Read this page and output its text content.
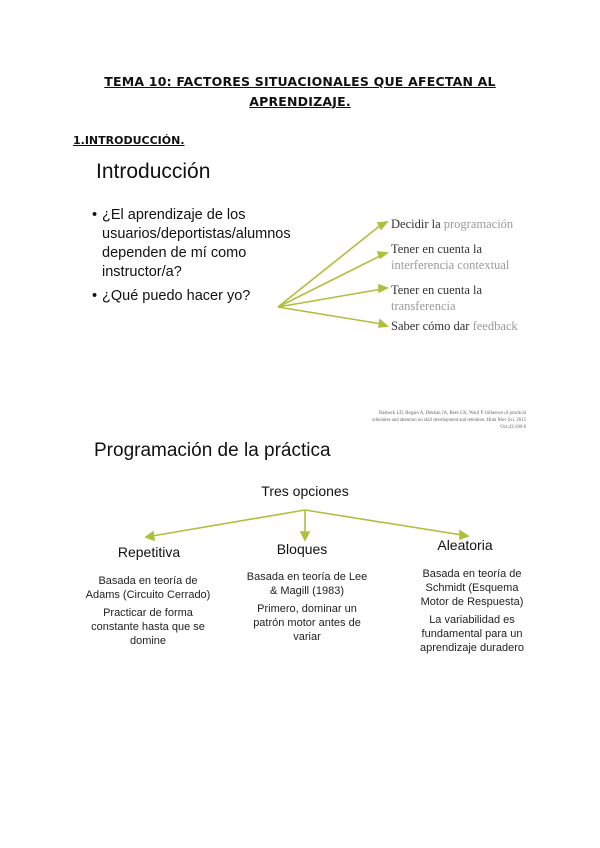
TEMA 10: FACTORES SITUACIONALES QUE AFECTAN AL
APRENDIZAJE.
1.INTRODUCCIÓN.
Introducción
• ¿El aprendizaje de los usuarios/deportistas/alumnos dependen de mí como instructor/a?
• ¿Qué puedo hacer yo?
Decidir la programación
Tener en cuenta la
interferencia contextual
Tener en cuenta la
transferencia
Saber cómo dar feedback
Rasbeck LD, Regain A, Dekkan JA, Rees CK, Ward P. Influence of practical schedules and attention on skill development and retention. Hum Mov Sci. 2015 Oct;43:100-6
Programación de la práctica
Tres opciones
Repetitiva	Bloques	Aleatoria

Basada en teoría de Adams (Circuito Cerrado)

Practicar de forma constante hasta que se domine

Basada en teoría de Lee & Magill (1983)

Primero, dominar un patrón motor antes de variar

Basada en teoría de Schmidt (Esquema Motor de Respuesta)

La variabilidad es fundamental para un aprendizaje duradero
